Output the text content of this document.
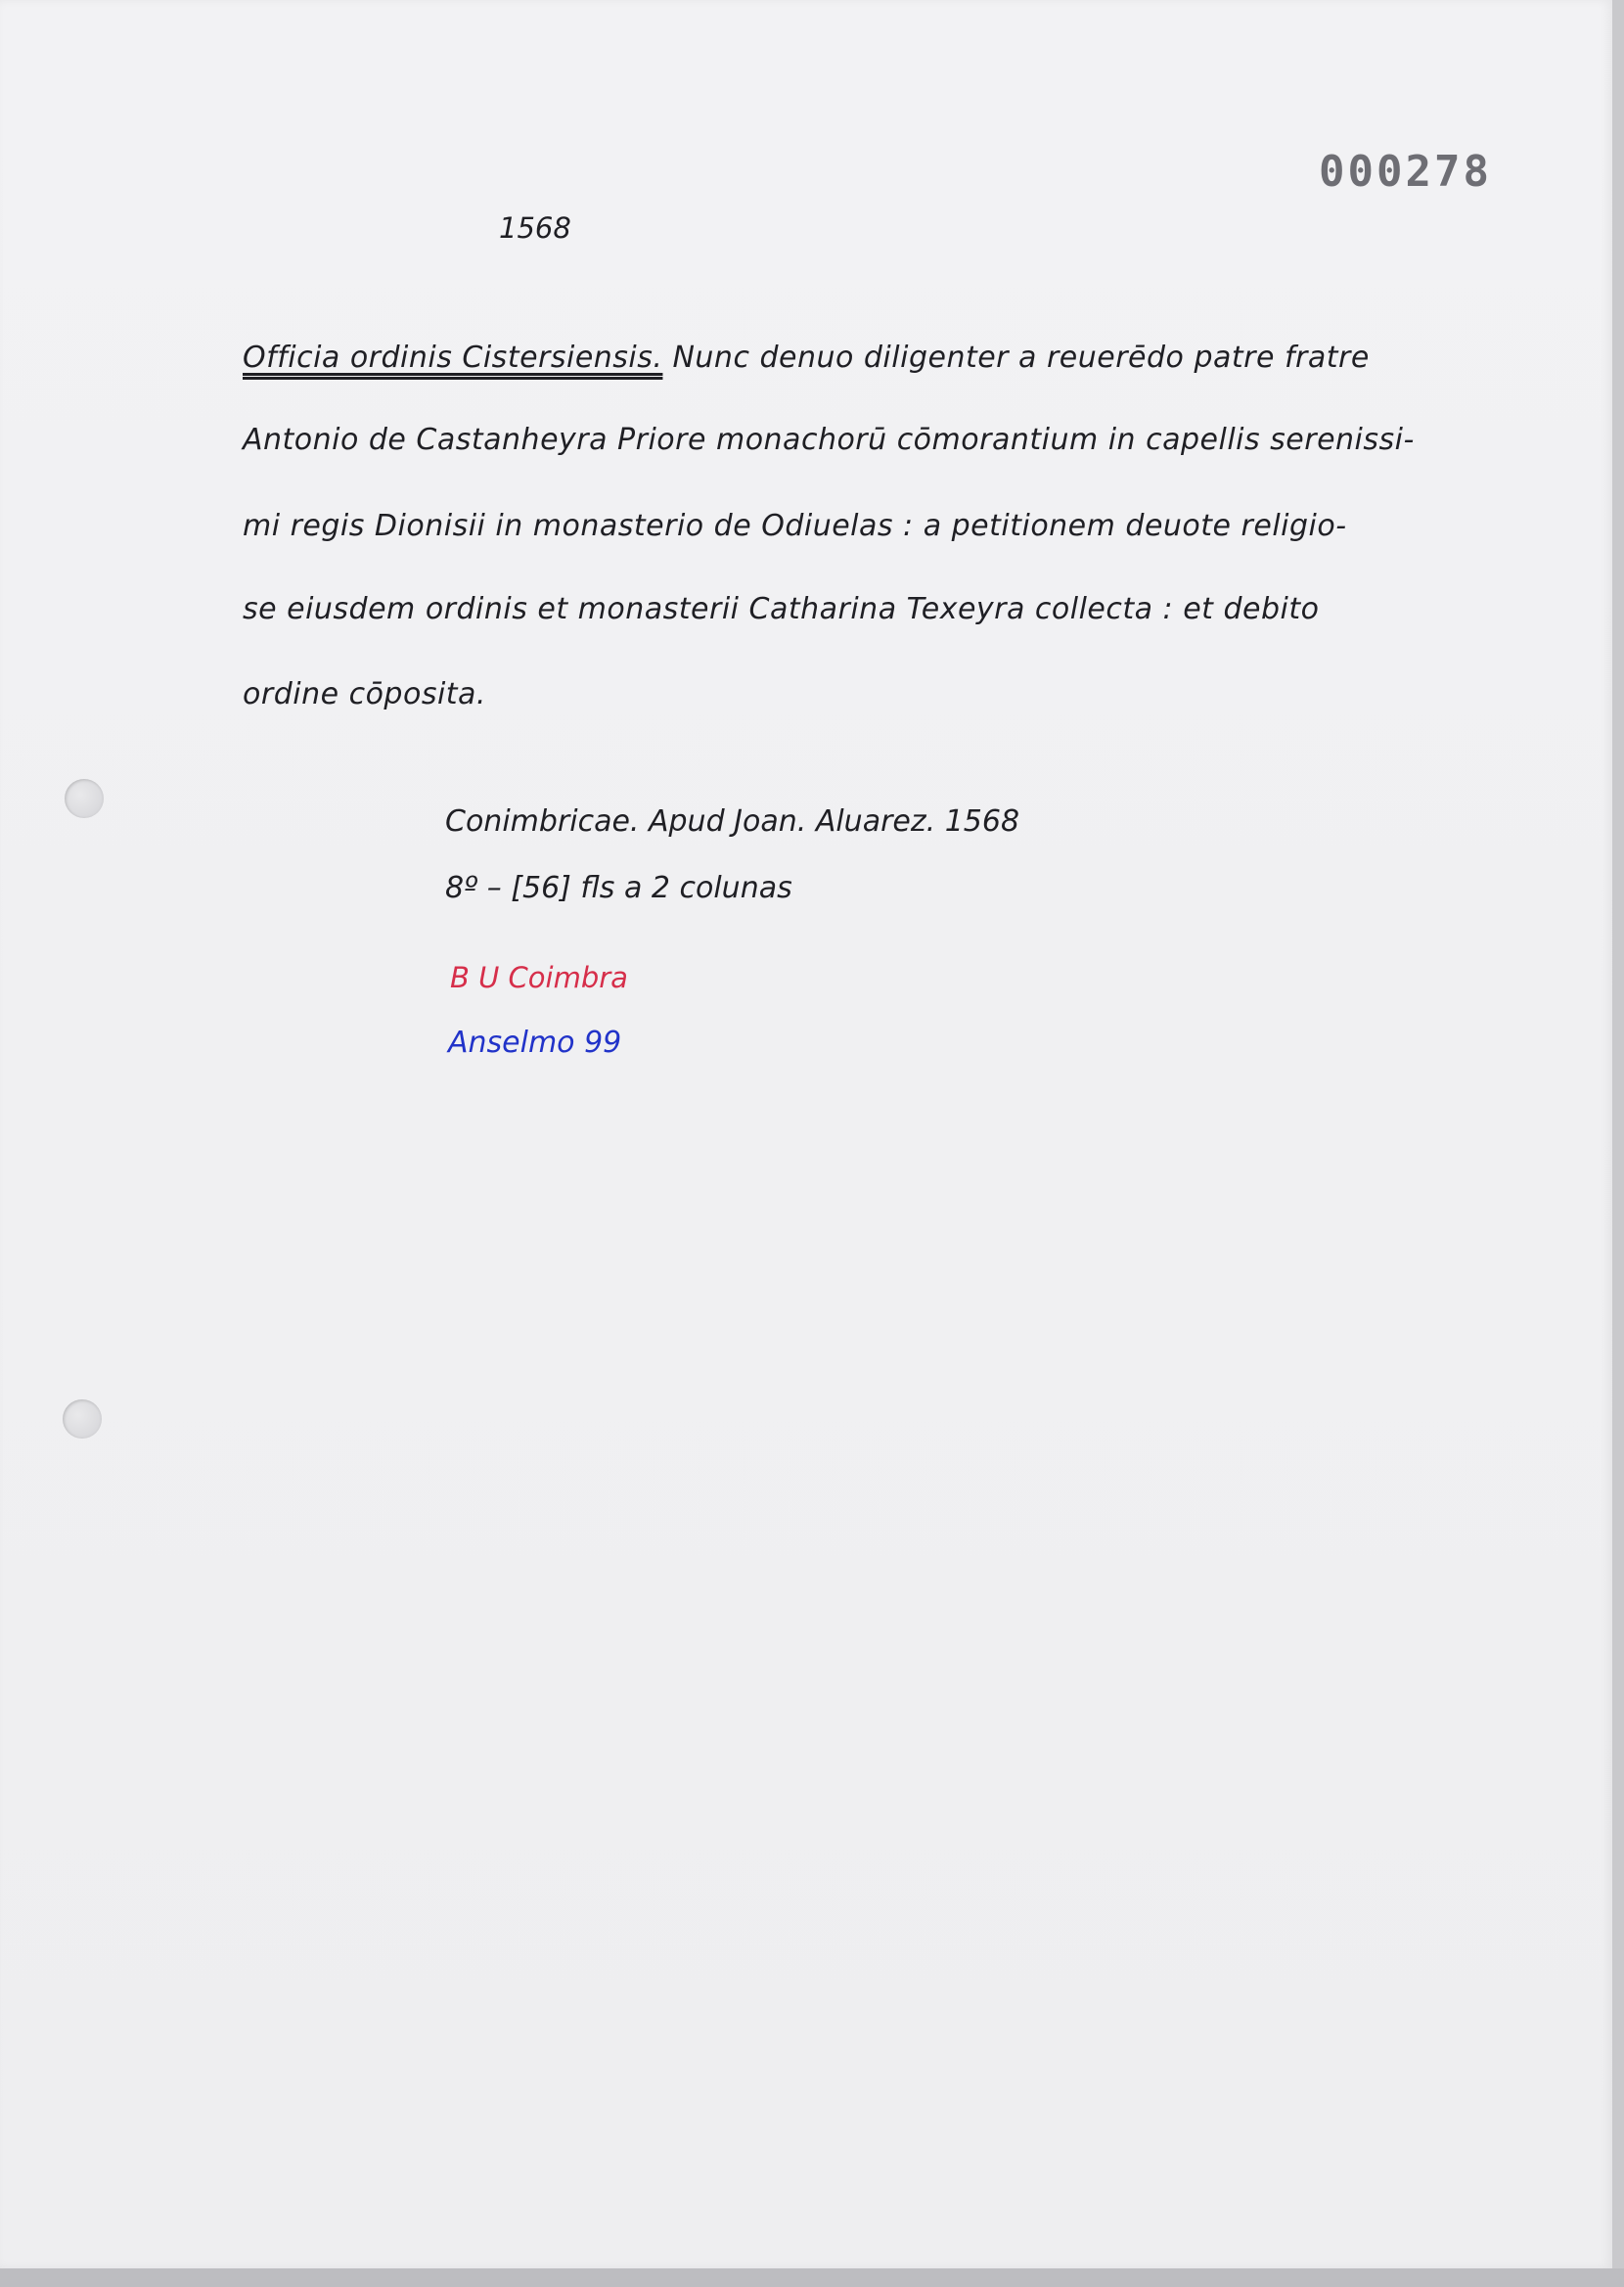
000278
1568
Officia ordinis Cistersiensis. Nunc denuo diligenter a reuerēdo patre fratre
Antonio de Castanheyra Priore monachorū cōmorantium in capellis serenissi-
mi regis Dionisii in monasterio de Odiuelas : a petitionem deuote religio-
se eiusdem ordinis et monasterii Catharina Texeyra collecta : et debito
ordine cōposita.
Conimbricae. Apud Joan. Aluarez. 1568
8º – [56] fls a 2 colunas
B U Coimbra
Anselmo 99
